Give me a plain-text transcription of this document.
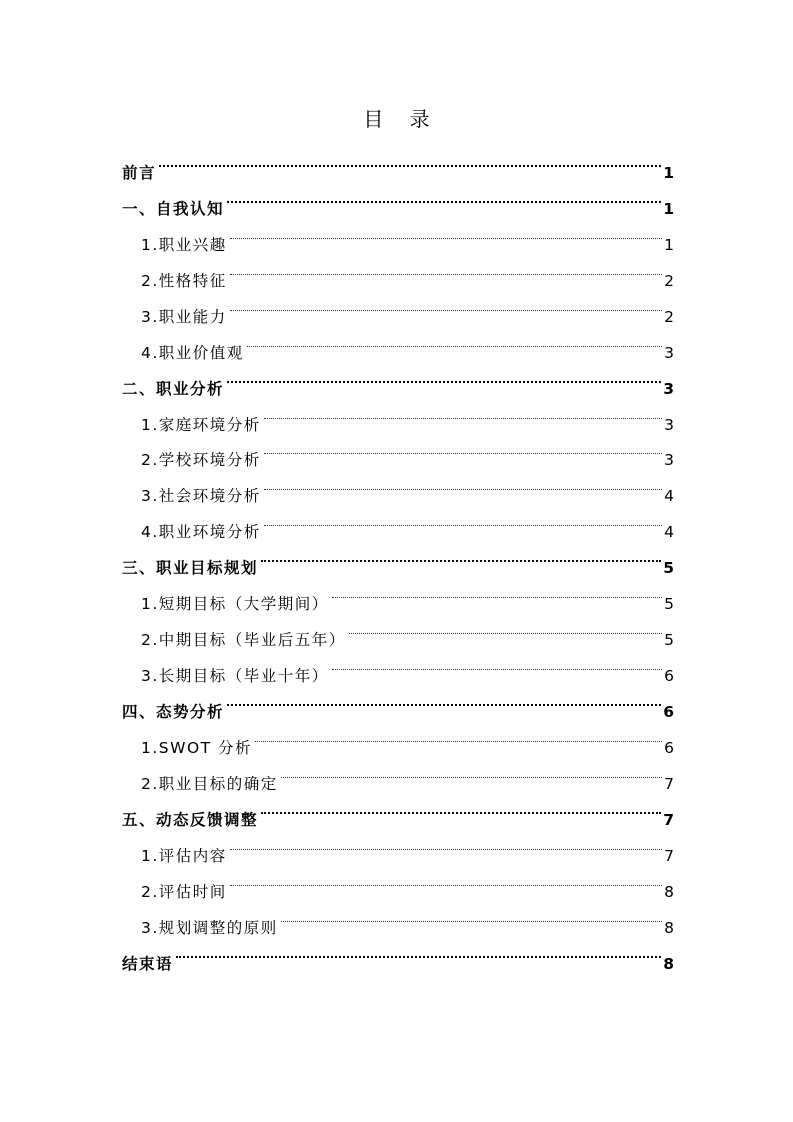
目 录
前言	1
一、自我认知	1
1.职业兴趣	1
2.性格特征	2
3.职业能力	2
4.职业价值观	3
二、职业分析	3
1.家庭环境分析	3
2.学校环境分析	3
3.社会环境分析	4
4.职业环境分析	4
三、职业目标规划	5
1.短期目标（大学期间）	5
2.中期目标（毕业后五年）	5
3.长期目标（毕业十年）	6
四、态势分析	6
1.SWOT 分析	6
2.职业目标的确定	7
五、动态反馈调整	7
1.评估内容	7
2.评估时间	8
3.规划调整的原则	8
结束语	8
